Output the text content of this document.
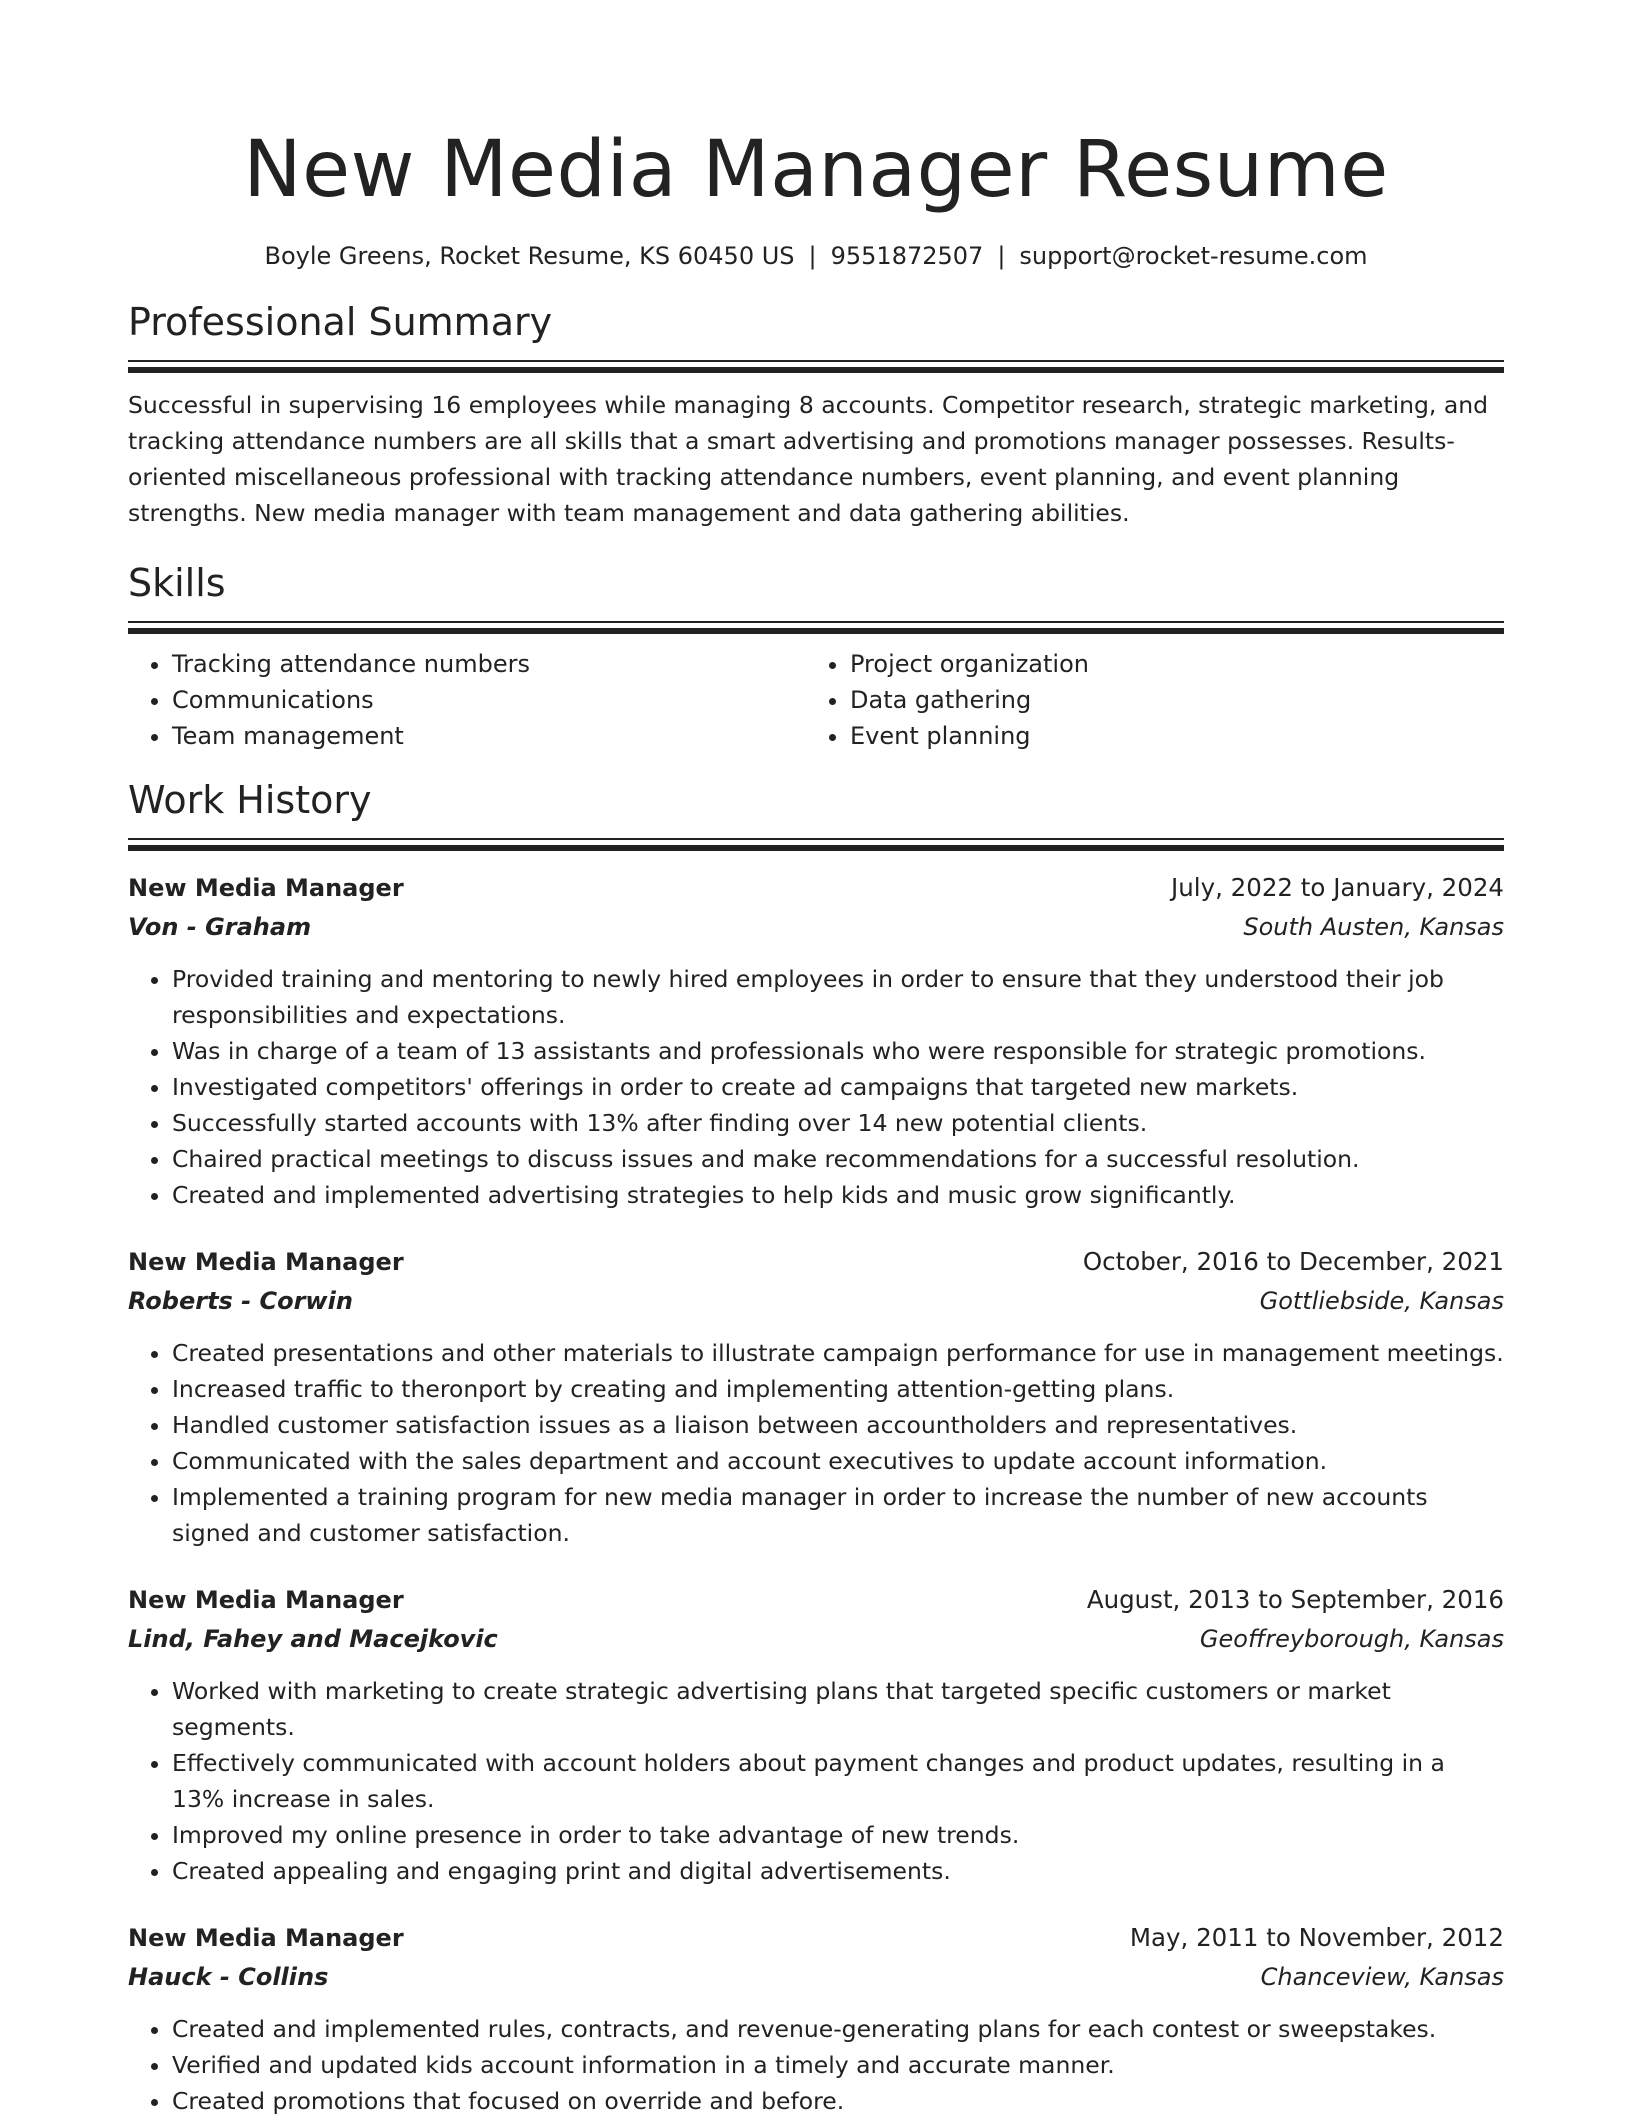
New Media Manager Resume
Boyle Greens, Rocket Resume, KS 60450 US | 9551872507 | support@rocket-resume.com
Professional Summary

Successful in supervising 16 employees while managing 8 accounts. Competitor research, strategic marketing, and tracking attendance numbers are all skills that a smart advertising and promotions manager possesses. Results-oriented miscellaneous professional with tracking attendance numbers, event planning, and event planning strengths. New media manager with team management and data gathering abilities.

Skills
• Tracking attendance numbers
• Communications
• Team management
• Project organization
• Data gathering
• Event planning
Work History
New Media Manager	July, 2022 to January, 2024
Von - Graham	South Austen, Kansas
• Provided training and mentoring to newly hired employees in order to ensure that they understood their job responsibilities and expectations.
• Was in charge of a team of 13 assistants and professionals who were responsible for strategic promotions.
• Investigated competitors' offerings in order to create ad campaigns that targeted new markets.
• Successfully started accounts with 13% after finding over 14 new potential clients.
• Chaired practical meetings to discuss issues and make recommendations for a successful resolution.
• Created and implemented advertising strategies to help kids and music grow significantly.
New Media Manager	October, 2016 to December, 2021
Roberts - Corwin	Gottliebside, Kansas
• Created presentations and other materials to illustrate campaign performance for use in management meetings.
• Increased traffic to theronport by creating and implementing attention-getting plans.
• Handled customer satisfaction issues as a liaison between accountholders and representatives.
• Communicated with the sales department and account executives to update account information.
• Implemented a training program for new media manager in order to increase the number of new accounts signed and customer satisfaction.
New Media Manager	August, 2013 to September, 2016
Lind, Fahey and Macejkovic	Geoffreyborough, Kansas
• Worked with marketing to create strategic advertising plans that targeted specific customers or market segments.
• Effectively communicated with account holders about payment changes and product updates, resulting in a 13% increase in sales.
• Improved my online presence in order to take advantage of new trends.
• Created appealing and engaging print and digital advertisements.
New Media Manager	May, 2011 to November, 2012
Hauck - Collins	Chanceview, Kansas
• Created and implemented rules, contracts, and revenue-generating plans for each contest or sweepstakes.
• Verified and updated kids account information in a timely and accurate manner.
• Created promotions that focused on override and before.
